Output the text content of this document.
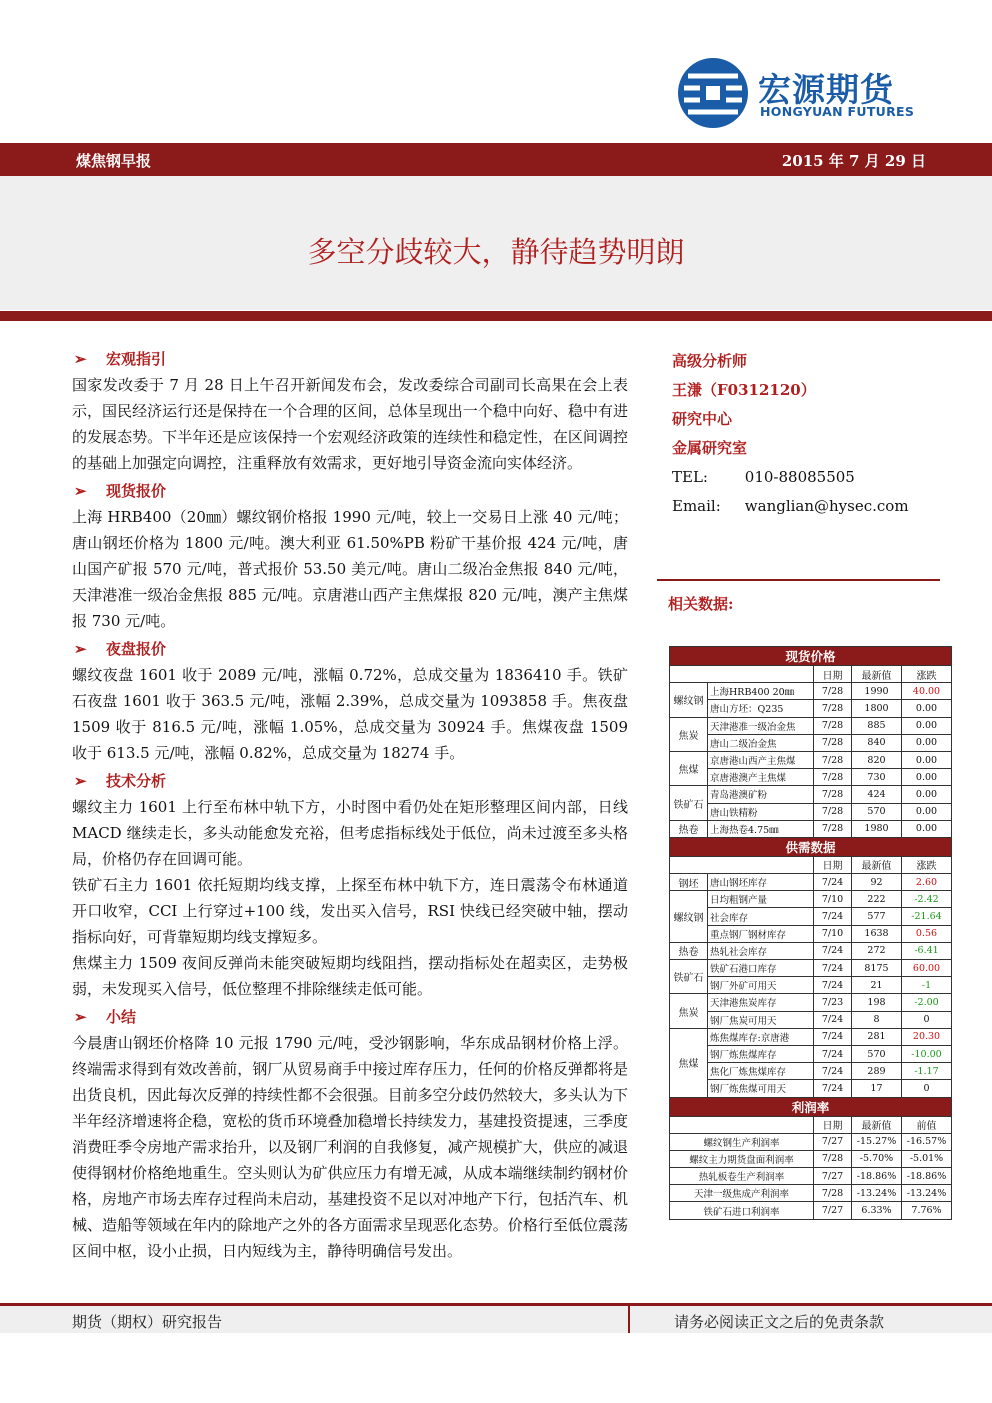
宏源期货
HONGYUAN FUTURES
煤焦钢早报	2015 年 7 月 29 日
多空分歧较大，静待趋势明朗
➢ 宏观指引
国家发改委于 7 月 28 日上午召开新闻发布会，发改委综合司副司长高果在会上表示，国民经济运行还是保持在一个合理的区间，总体呈现出一个稳中向好、稳中有进的发展态势。下半年还是应该保持一个宏观经济政策的连续性和稳定性，在区间调控的基础上加强定向调控，注重释放有效需求，更好地引导资金流向实体经济。
➢ 现货报价
上海 HRB400（20㎜）螺纹钢价格报 1990 元/吨，较上一交易日上涨 40 元/吨；唐山钢坯价格为 1800 元/吨。澳大利亚 61.50%PB 粉矿干基价报 424 元/吨，唐山国产矿报 570 元/吨，普式报价 53.50 美元/吨。唐山二级冶金焦报 840 元/吨，天津港准一级冶金焦报 885 元/吨。京唐港山西产主焦煤报 820 元/吨，澳产主焦煤报 730 元/吨。
➢ 夜盘报价
螺纹夜盘 1601 收于 2089 元/吨，涨幅 0.72%，总成交量为 1836410 手。铁矿石夜盘 1601 收于 363.5 元/吨，涨幅 2.39%，总成交量为 1093858 手。焦夜盘 1509 收于 816.5 元/吨，涨幅 1.05%，总成交量为 30924 手。焦煤夜盘 1509 收于 613.5 元/吨，涨幅 0.82%，总成交量为 18274 手。
➢ 技术分析
螺纹主力 1601 上行至布林中轨下方，小时图中看仍处在矩形整理区间内部，日线 MACD 继续走长，多头动能愈发充裕，但考虑指标线处于低位，尚未过渡至多头格局，价格仍存在回调可能。
铁矿石主力 1601 依托短期均线支撑，上探至布林中轨下方，连日震荡令布林通道开口收窄，CCI 上行穿过+100 线，发出买入信号，RSI 快线已经突破中轴，摆动指标向好，可背靠短期均线支撑短多。
焦煤主力 1509 夜间反弹尚未能突破短期均线阻挡，摆动指标处在超卖区，走势极弱，未发现买入信号，低位整理不排除继续走低可能。
➢ 小结
今晨唐山钢坯价格降 10 元报 1790 元/吨，受沙钢影响，华东成品钢材价格上浮。终端需求得到有效改善前，钢厂从贸易商手中接过库存压力，任何的价格反弹都将是出货良机，因此每次反弹的持续性都不会很强。目前多空分歧仍然较大，多头认为下半年经济增速将企稳，宽松的货币环境叠加稳增长持续发力，基建投资提速，三季度消费旺季令房地产需求抬升，以及钢厂利润的自我修复，减产规模扩大，供应的减退使得钢材价格绝地重生。空头则认为矿供应压力有增无减，从成本端继续制约钢材价格，房地产市场去库存过程尚未启动，基建投资不足以对冲地产下行，包括汽车、机械、造船等领域在年内的除地产之外的各方面需求呈现恶化态势。价格行至低位震荡区间中枢，设小止损，日内短线为主，静待明确信号发出。
高级分析师
王溓（F0312120）
研究中心
金属研究室
TEL: 010-88085505
Email: wanglian@hysec.com
相关数据:
现货价格				
		日期	最新值	涨跌
螺纹钢	上海HRB400 20㎜	7/28	1990	40.00
	唐山方坯：Q235	7/28	1800	0.00
焦炭	天津港准一级冶金焦	7/28	885	0.00
	唐山二级冶金焦	7/28	840	0.00
焦煤	京唐港山西产主焦煤	7/28	820	0.00
	京唐港澳产主焦煤	7/28	730	0.00
铁矿石	青岛港澳矿粉	7/28	424	0.00
	唐山铁精粉	7/28	570	0.00
热卷	上海热卷4.75㎜	7/28	1980	0.00
供需数据				
		日期	最新值	涨跌
钢坯	唐山钢坯库存	7/24	92	2.60
螺纹钢	日均粗钢产量	7/10	222	-2.42
	社会库存	7/24	577	-21.64
	重点钢厂钢材库存	7/10	1638	0.56
热卷	热轧社会库存	7/24	272	-6.41
铁矿石	铁矿石港口库存	7/24	8175	60.00
	钢厂外矿可用天	7/24	21	-1
焦炭	天津港焦炭库存	7/23	198	-2.00
	钢厂焦炭可用天	7/24	8	0
焦煤	炼焦煤库存:京唐港	7/24	281	20.30
	钢厂炼焦煤库存	7/24	570	-10.00
	焦化厂炼焦煤库存	7/24	289	-1.17
	钢厂炼焦煤可用天	7/24	17	0
利润率				
		日期	最新值	前值
螺纹钢生产利润率		7/27	-15.27%	-16.57%
螺纹主力期货盘面利润率		7/28	-5.70%	-5.01%
热轧板卷生产利润率		7/27	-18.86%	-18.86%
天津一级焦成产利润率		7/28	-13.24%	-13.24%
铁矿石进口利润率		7/27	6.33%	7.76%
期货（期权）研究报告	请务必阅读正文之后的免责条款
